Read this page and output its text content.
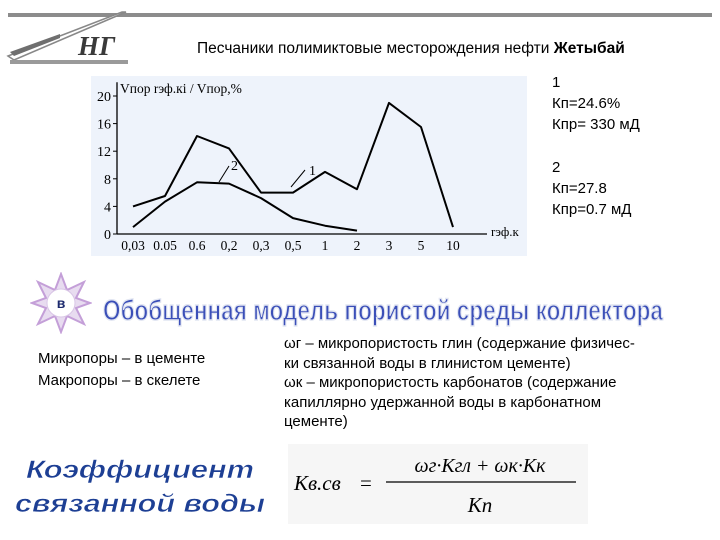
НГ	Песчаники полимиктовые месторождения нефти Жетыбай
0
4
8
12
16
20
0,03 0.05 0.6 0,2 0,3 0,5 1 2 3 5 10
Vпор rэф.кi / Vпор,%
rэф.к
1
2
1
Кп=24.6%
Кпр= 330 мД
2
Кп=27.8
Кпр=0.7 мД
в Обобщенная модель пористой среды коллектора
Микропоры – в цементе
Макропоры – в скелете
ωг – микропористость глин (содержание физичес-
ки связанной воды в глинистом цементе)
ωк – микропористость карбонатов (содержание
капиллярно удержанной воды в карбонатном
цементе)
Кв.св =
ωг·Кгл + ωк·Кк
Кп
Коэффициент
связанной воды
